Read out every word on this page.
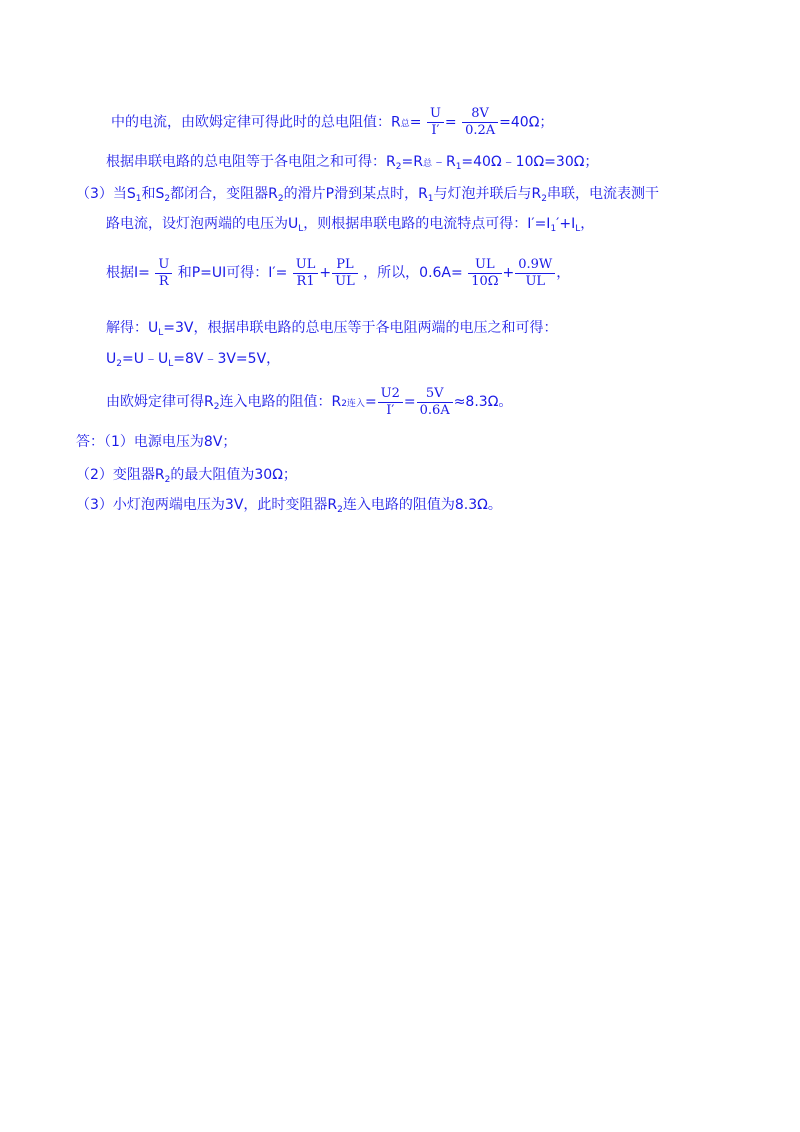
中的电流，由欧姆定律可得此时的总电阻值：R总= $\frac{U}{I'} = \frac{8V}{0.2A} =40\Omega$；
根据串联电路的总电阻等于各电阻之和可得：$R_2=R$总$﹣R_1=40\Omega﹣10\Omega=30\Omega$；
（3）当$S_1$和$S_2$都闭合，变阻器$R_2$的滑片P滑到某点时，$R_1$与灯泡并联后与$R_2$串联，电流表测干
路电流，设灯泡两端的电压为$U_L$，则根据串联电路的电流特点可得：$I'=I_1'+I_L$，
根据$I= \frac{U}{R}$ 和P=UI可得：$I'= \frac{UL}{R1} + \frac{PL}{UL}$ ，所以，$0.6A= \frac{UL}{10\Omega} + \frac{0.9W}{UL}$ ，
解得：$U_L=3V$，根据串联电路的总电压等于各电阻两端的电压之和可得：
$U_2=U﹣U_L=8V﹣3V=5V$，
由欧姆定律可得$R_2$连入电路的阻值：R2连入= $\frac{U2}{I'} = \frac{5V}{0.6A} \approx 8.3\Omega$。
答：（1）电源电压为8V；
（2）变阻器$R_2$的最大阻值为30Ω；
（3）小灯泡两端电压为3V，此时变阻器$R_2$连入电路的阻值为8.3Ω。
